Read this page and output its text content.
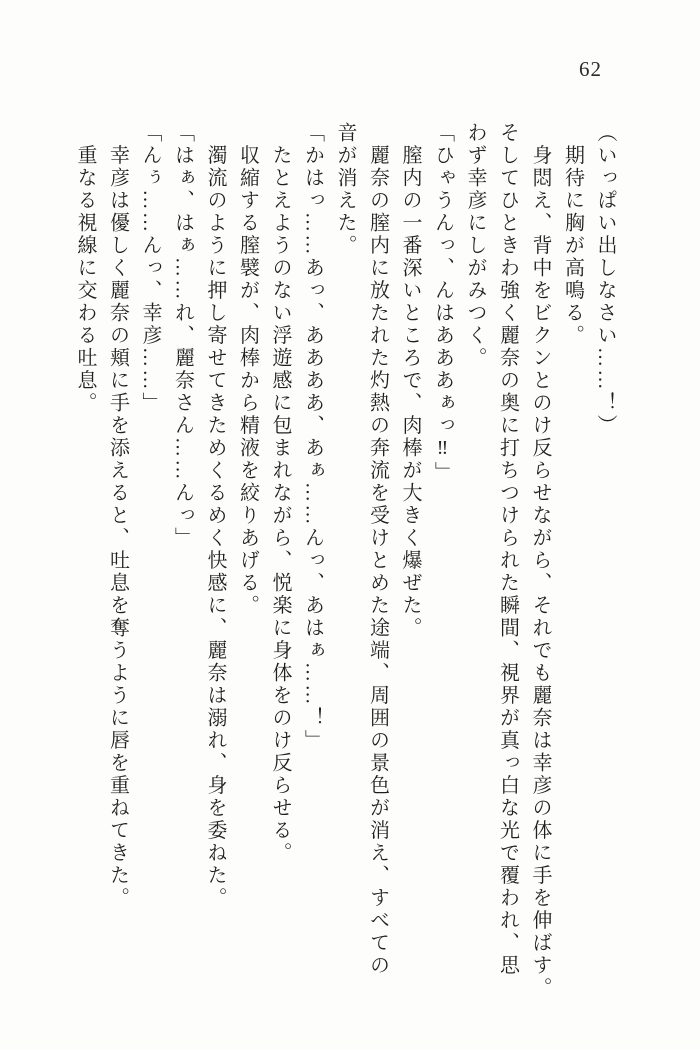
62
（いっぱい出しなさい……！）
　期待に胸が高鳴る。
　身悶え、背中をビクンとのけ反らせながら、それでも麗奈は幸彦の体に手を伸ばす。
そしてひときわ強く麗奈の奥に打ちつけられた瞬間、視界が真っ白な光で覆われ、思
わず幸彦にしがみつく。
「ひゃうんっ、んはあああぁっ‼」
　膣内の一番深いところで、肉棒が大きく爆ぜた。
　麗奈の膣内に放たれた灼熱の奔流を受けとめた途端、周囲の景色が消え、すべての
音が消えた。
「かはっ……あっ、ああああ、あぁ……んっ、あはぁ……！」
　たとえようのない浮遊感に包まれながら、悦楽に身体をのけ反らせる。
　収縮する膣襞が、肉棒から精液を絞りあげる。
　濁流のように押し寄せてきためくるめく快感に、麗奈は溺れ、身を委ねた。
「はぁ、はぁ……れ、麗奈さん……んっ」
「んぅ……んっ、幸彦……」
　幸彦は優しく麗奈の頬に手を添えると、吐息を奪うように唇を重ねてきた。
　重なる視線に交わる吐息。
